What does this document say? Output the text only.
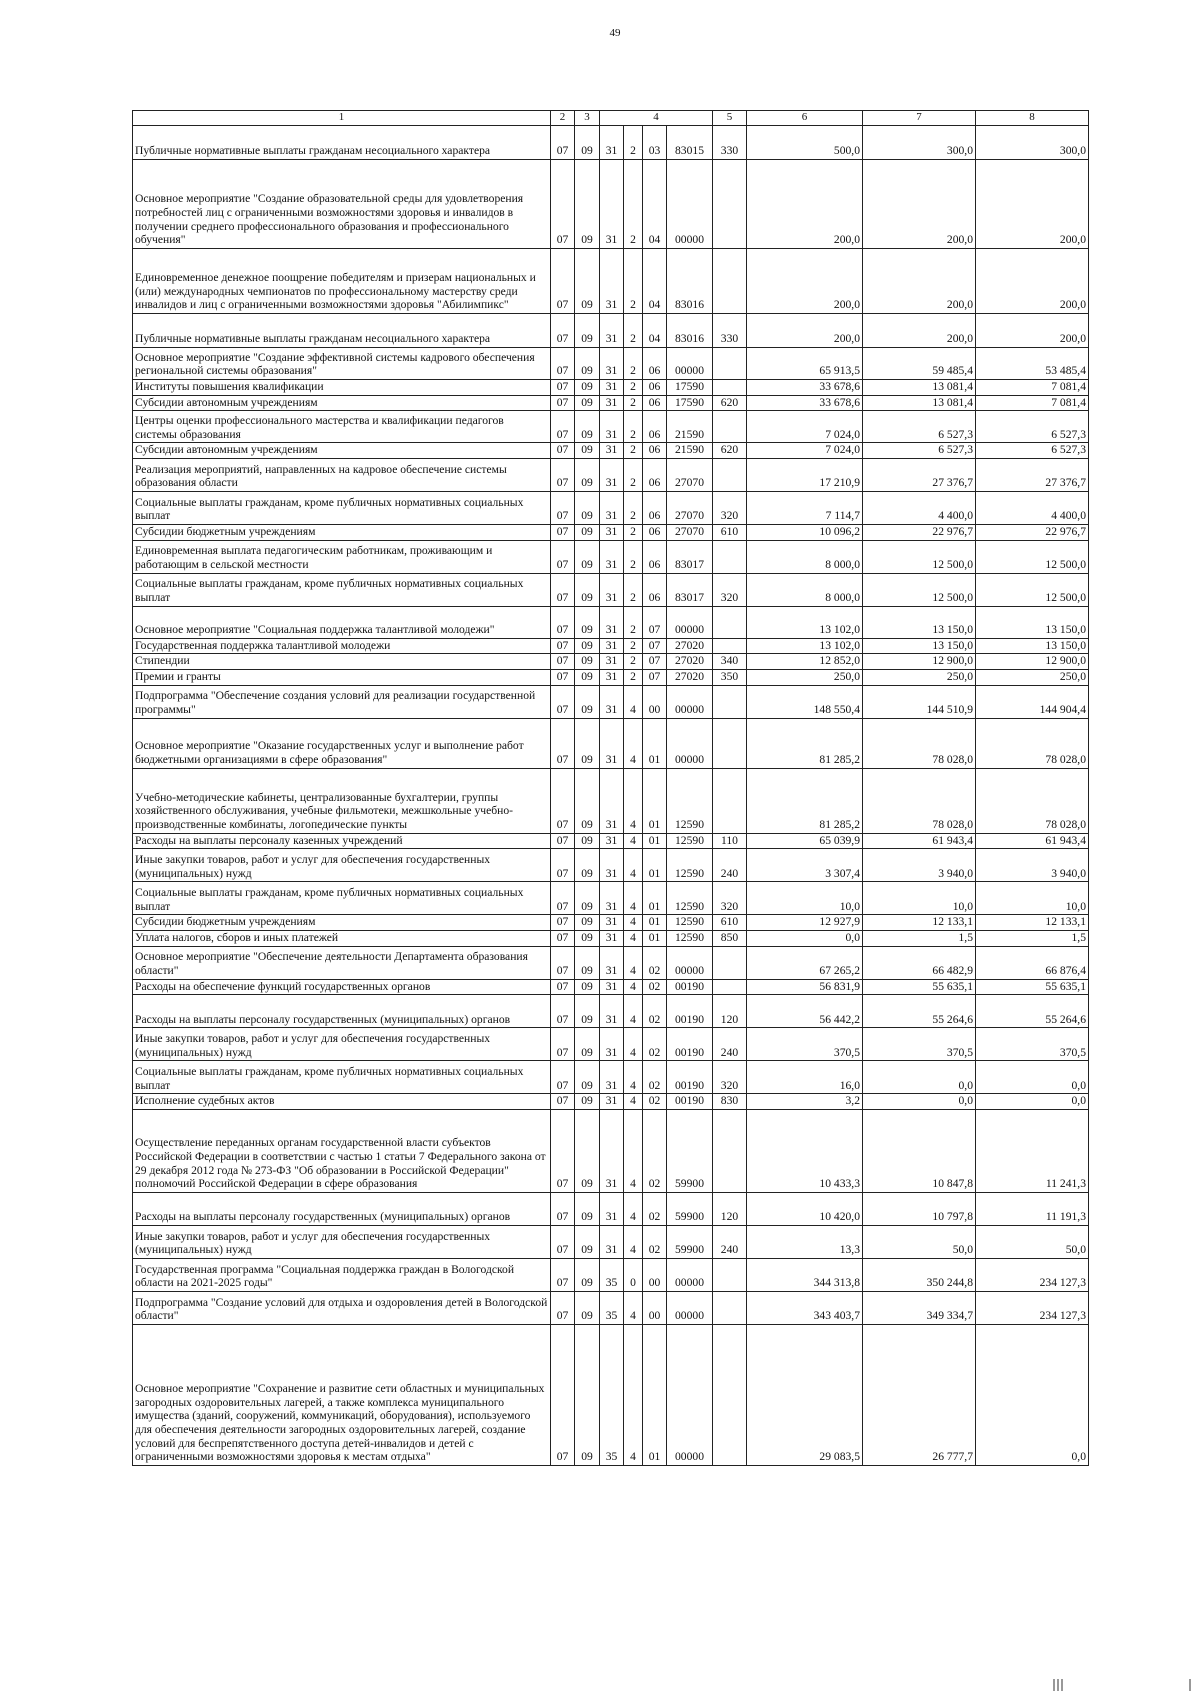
49
1	2	3	4				5	6	7	8
Публичные нормативные выплаты гражданам несоциального характера	07	09	31	2	03	83015	330	500,0	300,0	300,0
Основное мероприятие "Создание образовательной среды для удовлетворения потребностей лиц с ограниченными возможностями здоровья и инвалидов в получении среднего профессионального образования и профессионального обучения"	07	09	31	2	04	00000		200,0	200,0	200,0
Единовременное денежное поощрение победителям и призерам национальных и (или) международных чемпионатов по профессиональному мастерству среди инвалидов и лиц с ограниченными возможностями здоровья "Абилимпикс"	07	09	31	2	04	83016		200,0	200,0	200,0
Публичные нормативные выплаты гражданам несоциального характера	07	09	31	2	04	83016	330	200,0	200,0	200,0
Основное мероприятие "Создание эффективной системы кадрового обеспечения региональной системы образования"	07	09	31	2	06	00000		65 913,5	59 485,4	53 485,4
Институты повышения квалификации	07	09	31	2	06	17590		33 678,6	13 081,4	7 081,4
Субсидии автономным учреждениям	07	09	31	2	06	17590	620	33 678,6	13 081,4	7 081,4
Центры оценки профессионального мастерства и квалификации педагогов системы образования	07	09	31	2	06	21590		7 024,0	6 527,3	6 527,3
Субсидии автономным учреждениям	07	09	31	2	06	21590	620	7 024,0	6 527,3	6 527,3
Реализация мероприятий, направленных на кадровое обеспечение системы образования области	07	09	31	2	06	27070		17 210,9	27 376,7	27 376,7
Социальные выплаты гражданам, кроме публичных нормативных социальных выплат	07	09	31	2	06	27070	320	7 114,7	4 400,0	4 400,0
Субсидии бюджетным учреждениям	07	09	31	2	06	27070	610	10 096,2	22 976,7	22 976,7
Единовременная выплата педагогическим работникам, проживающим и работающим в сельской местности	07	09	31	2	06	83017		8 000,0	12 500,0	12 500,0
Социальные выплаты гражданам, кроме публичных нормативных социальных выплат	07	09	31	2	06	83017	320	8 000,0	12 500,0	12 500,0
Основное мероприятие "Социальная поддержка талантливой молодежи"	07	09	31	2	07	00000		13 102,0	13 150,0	13 150,0
Государственная поддержка талантливой молодежи	07	09	31	2	07	27020		13 102,0	13 150,0	13 150,0
Стипендии	07	09	31	2	07	27020	340	12 852,0	12 900,0	12 900,0
Премии и гранты	07	09	31	2	07	27020	350	250,0	250,0	250,0
Подпрограмма "Обеспечение создания условий для реализации государственной программы"	07	09	31	4	00	00000		148 550,4	144 510,9	144 904,4
Основное мероприятие "Оказание государственных услуг и выполнение работ бюджетными организациями в сфере образования"	07	09	31	4	01	00000		81 285,2	78 028,0	78 028,0
Учебно-методические кабинеты, централизованные бухгалтерии, группы хозяйственного обслуживания, учебные фильмотеки, межшкольные учебно-производственные комбинаты, логопедические пункты	07	09	31	4	01	12590		81 285,2	78 028,0	78 028,0
Расходы на выплаты персоналу казенных учреждений	07	09	31	4	01	12590	110	65 039,9	61 943,4	61 943,4
Иные закупки товаров, работ и услуг для обеспечения государственных (муниципальных) нужд	07	09	31	4	01	12590	240	3 307,4	3 940,0	3 940,0
Социальные выплаты гражданам, кроме публичных нормативных социальных выплат	07	09	31	4	01	12590	320	10,0	10,0	10,0
Субсидии бюджетным учреждениям	07	09	31	4	01	12590	610	12 927,9	12 133,1	12 133,1
Уплата налогов, сборов и иных платежей	07	09	31	4	01	12590	850	0,0	1,5	1,5
Основное мероприятие "Обеспечение деятельности Департамента образования области"	07	09	31	4	02	00000		67 265,2	66 482,9	66 876,4
Расходы на обеспечение функций государственных органов	07	09	31	4	02	00190		56 831,9	55 635,1	55 635,1
Расходы на выплаты персоналу государственных (муниципальных) органов	07	09	31	4	02	00190	120	56 442,2	55 264,6	55 264,6
Иные закупки товаров, работ и услуг для обеспечения государственных (муниципальных) нужд	07	09	31	4	02	00190	240	370,5	370,5	370,5
Социальные выплаты гражданам, кроме публичных нормативных социальных выплат	07	09	31	4	02	00190	320	16,0	0,0	0,0
Исполнение судебных актов	07	09	31	4	02	00190	830	3,2	0,0	0,0
Осуществление переданных органам государственной власти субъектов Российской Федерации в соответствии с частью 1 статьи 7 Федерального закона от 29 декабря 2012 года № 273-ФЗ "Об образовании в Российской Федерации" полномочий Российской Федерации в сфере образования	07	09	31	4	02	59900		10 433,3	10 847,8	11 241,3
Расходы на выплаты персоналу государственных (муниципальных) органов	07	09	31	4	02	59900	120	10 420,0	10 797,8	11 191,3
Иные закупки товаров, работ и услуг для обеспечения государственных (муниципальных) нужд	07	09	31	4	02	59900	240	13,3	50,0	50,0
Государственная программа "Социальная поддержка граждан в Вологодской области на 2021-2025 годы"	07	09	35	0	00	00000		344 313,8	350 244,8	234 127,3
Подпрограмма "Создание условий для отдыха и оздоровления детей в Вологодской области"	07	09	35	4	00	00000		343 403,7	349 334,7	234 127,3
Основное мероприятие "Сохранение и развитие сети областных и муниципальных загородных оздоровительных лагерей, а также комплекса муниципального имущества (зданий, сооружений, коммуникаций, оборудования), используемого для обеспечения деятельности загородных оздоровительных лагерей, создание условий для беспрепятственного доступа детей-инвалидов и детей с ограниченными возможностями здоровья к местам отдыха"	07	09	35	4	01	00000		29 083,5	26 777,7	0,0
